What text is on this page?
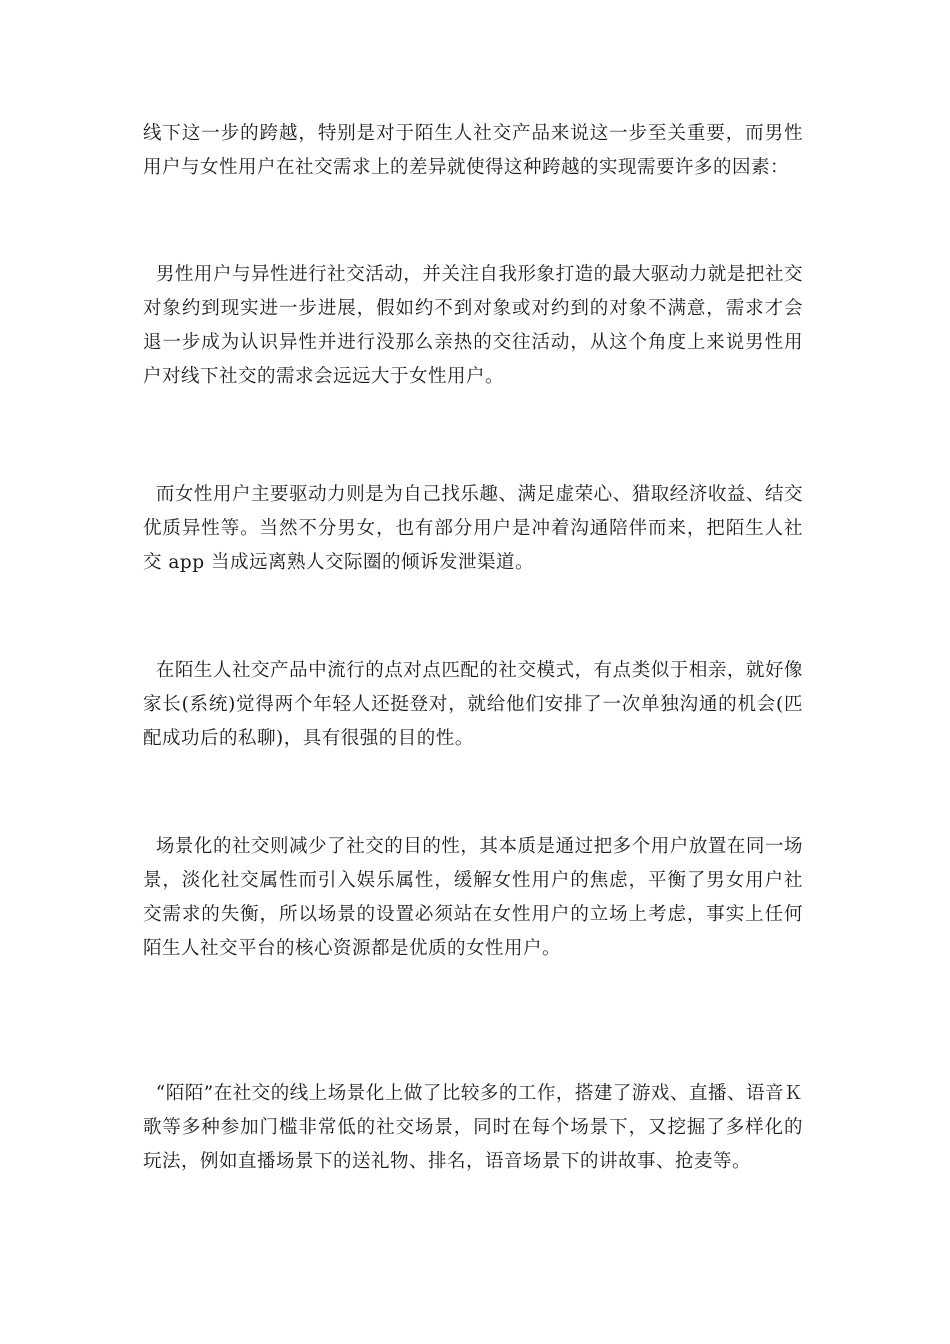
线下这一步的跨越，特别是对于陌生人社交产品来说这一步至关重要，而男性用户与女性用户在社交需求上的差异就使得这种跨越的实现需要许多的因素：

男性用户与异性进行社交活动，并关注自我形象打造的最大驱动力就是把社交对象约到现实进一步进展，假如约不到对象或对约到的对象不满意，需求才会退一步成为认识异性并进行没那么亲热的交往活动，从这个角度上来说男性用户对线下社交的需求会远远大于女性用户。

而女性用户主要驱动力则是为自己找乐趣、满足虚荣心、猎取经济收益、结交优质异性等。当然不分男女，也有部分用户是冲着沟通陪伴而来，把陌生人社交 app 当成远离熟人交际圈的倾诉发泄渠道。

在陌生人社交产品中流行的点对点匹配的社交模式，有点类似于相亲，就好像家长(系统)觉得两个年轻人还挺登对，就给他们安排了一次单独沟通的机会(匹配成功后的私聊)，具有很强的目的性。

场景化的社交则减少了社交的目的性，其本质是通过把多个用户放置在同一场景，淡化社交属性而引入娱乐属性，缓解女性用户的焦虑，平衡了男女用户社交需求的失衡，所以场景的设置必须站在女性用户的立场上考虑，事实上任何陌生人社交平台的核心资源都是优质的女性用户。

“陌陌”在社交的线上场景化上做了比较多的工作，搭建了游戏、直播、语音Ｋ歌等多种参加门槛非常低的社交场景，同时在每个场景下，又挖掘了多样化的玩法，例如直播场景下的送礼物、排名，语音场景下的讲故事、抢麦等。
